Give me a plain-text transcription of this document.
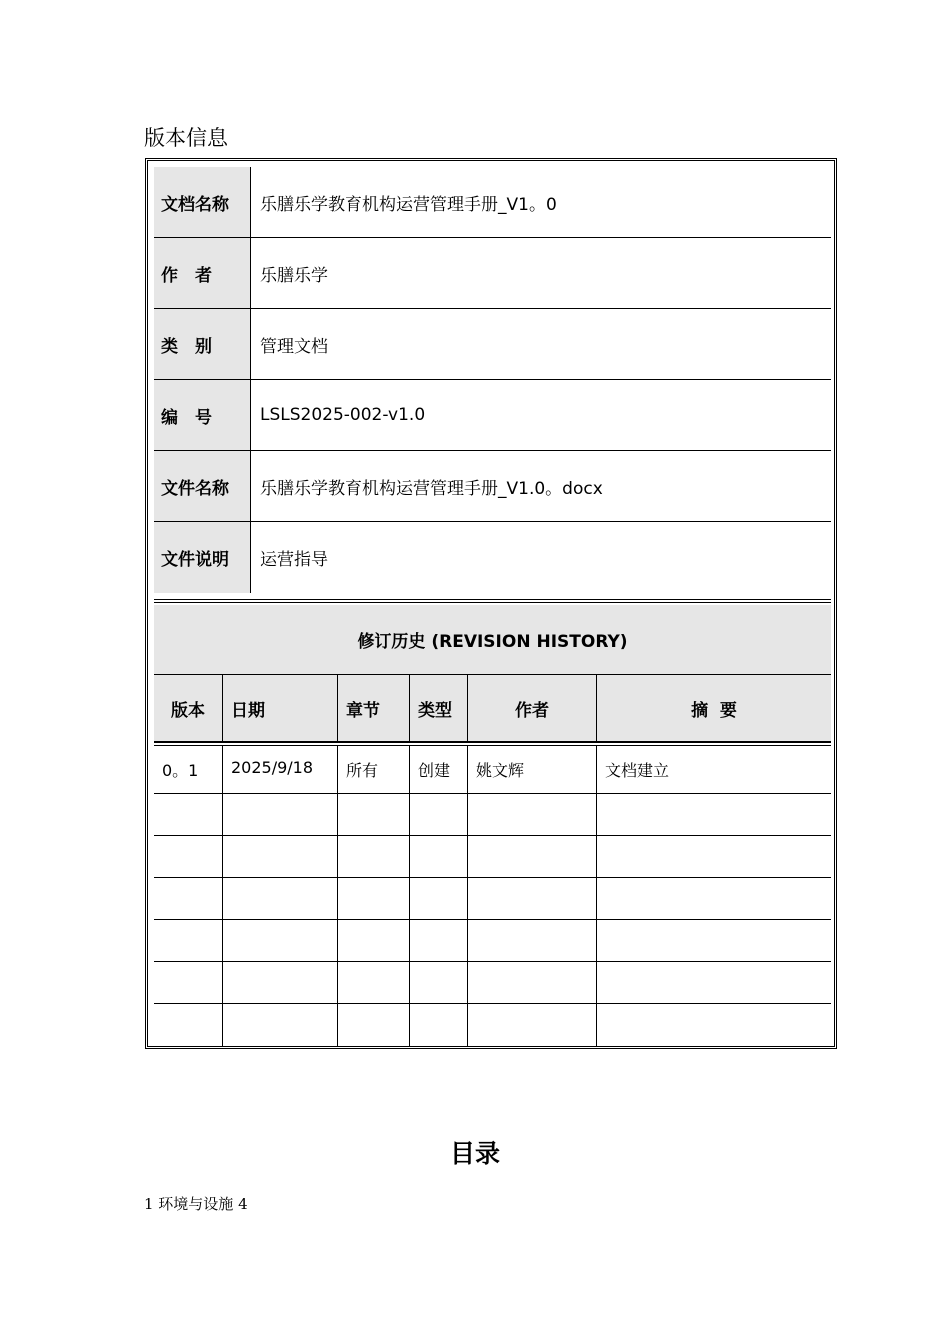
版本信息
文档名称	乐膳乐学教育机构运营管理手册_V1。0
作　者	乐膳乐学
类　别	管理文档
编　号	LSLS2025-002-v1.0
文件名称	乐膳乐学教育机构运营管理手册_V1.0。docx
文件说明	运营指导
修订历史 (REVISION HISTORY)
版本	日期	章节	类型	作者	摘  要
0。1	2025/9/18	所有	创建	姚文辉	文档建立
目录
1 环境与设施 4
